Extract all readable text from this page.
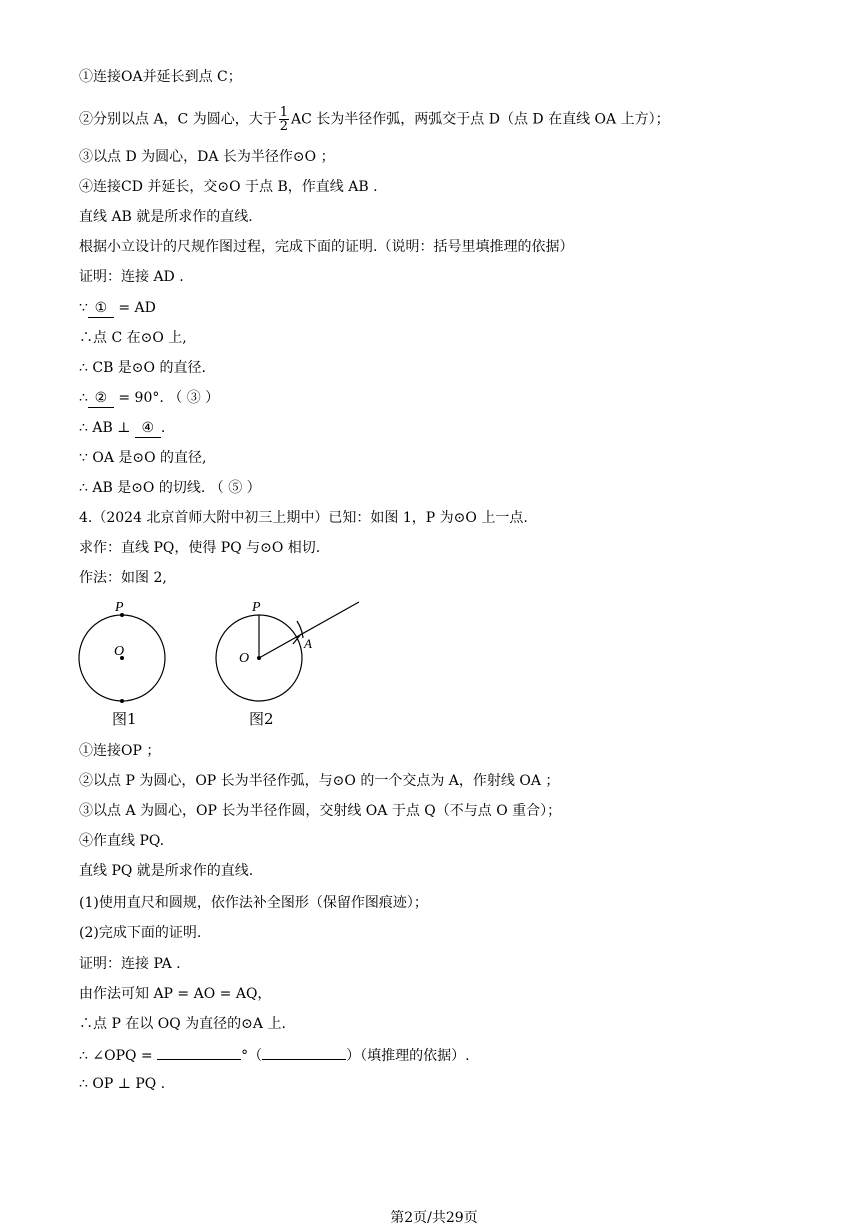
①连接OA并延长到点 C；
②分别以点 A，C 为圆心，大于 $\frac{1}{2}$ AC 长为半径作弧，两弧交于点 D（点 D 在直线 OA 上方）；
③以点 D 为圆心，DA 长为半径作⊙O ；
④连接CD 并延长，交⊙O 于点 B，作直线 AB .
直线 AB 就是所求作的直线.
根据小立设计的尺规作图过程，完成下面的证明.（说明：括号里填推理的依据）
证明：连接 AD .
∵ ① = AD
∴点 C 在⊙O 上,
∴ CB 是⊙O 的直径.
∴ ② = 90°. （ ③ ）
∴ AB ⊥ ④ .
∵ OA 是⊙O 的直径,
∴ AB 是⊙O 的切线. （ ⑤ ）
4.（2024 北京首师大附中初三上期中）已知：如图 1，P 为⊙O 上一点.
求作：直线 PQ，使得 PQ 与⊙O 相切.
作法：如图 2,
P
O
图1
P
O
A
图2
①连接OP ；
②以点 P 为圆心，OP 长为半径作弧，与⊙O 的一个交点为 A，作射线 OA ；
③以点 A 为圆心，OP 长为半径作圆，交射线 OA 于点 Q（不与点 O 重合）；
④作直线 PQ.
直线 PQ 就是所求作的直线.
(1)使用直尺和圆规，依作法补全图形（保留作图痕迹）；
(2)完成下面的证明.
证明：连接 PA .
由作法可知 AP = AO = AQ，
∴点 P 在以 OQ 为直径的⊙A 上.
∴ ∠OPQ =	°（	）（填推理的依据）.
∴ OP ⊥ PQ .
第2页/共29页
